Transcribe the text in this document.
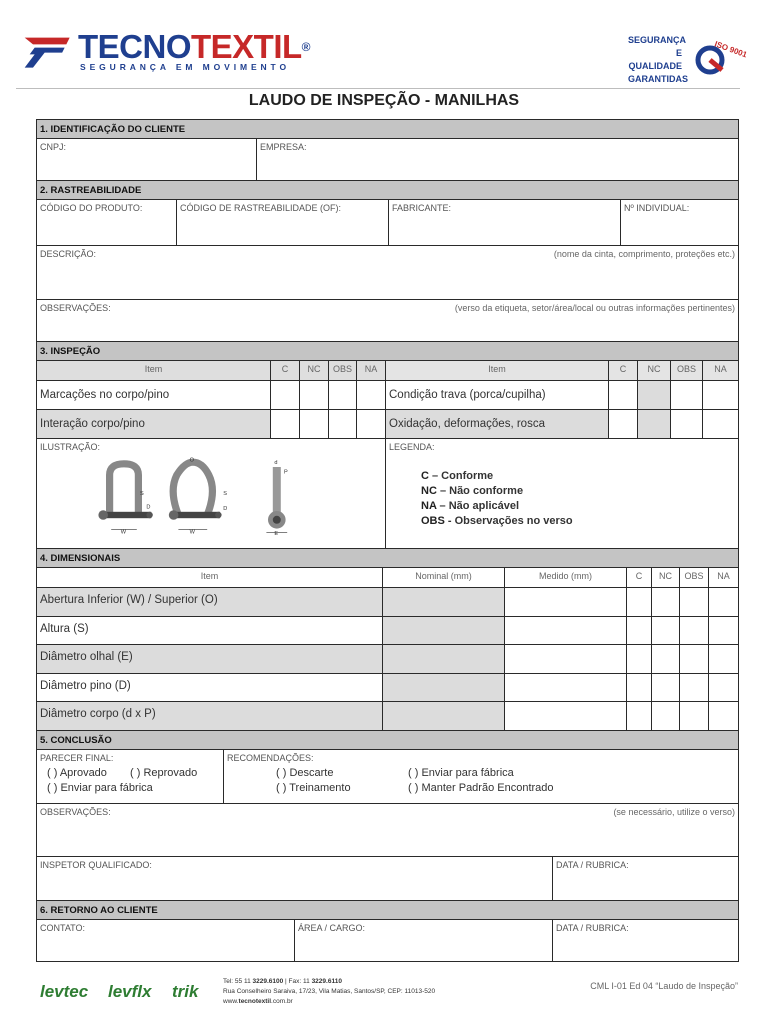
TECNOTEXTIL®
SEGURANÇA EM MOVIMENTO
SEGURANÇA E
QUALIDADE
GARANTIDAS
ISO 9001
LAUDO DE INSPEÇÃO - MANILHAS
1. IDENTIFICAÇÃO DO CLIENTE
CNPJ:	EMPRESA:
2. RASTREABILIDADE
CÓDIGO DO PRODUTO:	CÓDIGO DE RASTREABILIDADE (OF):	FABRICANTE:	Nº INDIVIDUAL:
DESCRIÇÃO:	(nome da cinta, comprimento, proteções etc.)
OBSERVAÇÕES:	(verso da etiqueta, setor/área/local ou outras informações pertinentes)
3. INSPEÇÃO
Item	C	NC	OBS	NA	Item	C	NC	OBS	NA
Marcações no corpo/pino	Condição trava (porca/cupilha)
Interação corpo/pino	Oxidação, deformações, rosca
ILUSTRAÇÃO:
W
S
D
W
O
S
D
d
P
E
LEGENDA:
C – Conforme
NC – Não conforme
NA – Não aplicável
OBS - Observações no verso
4. DIMENSIONAIS
Item	Nominal (mm)	Medido (mm)	C	NC	OBS	NA
Abertura Inferior (W) / Superior (O)
Altura (S)
Diâmetro olhal (E)
Diâmetro pino (D)
Diâmetro corpo (d x P)
5. CONCLUSÃO
PARECER FINAL:
( ) Aprovado ( ) Reprovado
( ) Enviar para fábrica
RECOMENDAÇÕES:
( ) Descarte	( ) Enviar para fábrica
( ) Treinamento	( ) Manter Padrão Encontrado
OBSERVAÇÕES:	(se necessário, utilize o verso)
INSPETOR QUALIFICADO:	DATA / RUBRICA:
6. RETORNO AO CLIENTE
CONTATO:	ÁREA / CARGO:	DATA / RUBRICA:
levtec levflx trik
Tel: 55 11 3229.6100 | Fax: 11 3229.6110
Rua Conselheiro Saraiva, 17/23, Vila Matias, Santos/SP, CEP: 11013-520
www.tecnotextil.com.br
CML I-01 Ed 04 “Laudo de Inspeção”
